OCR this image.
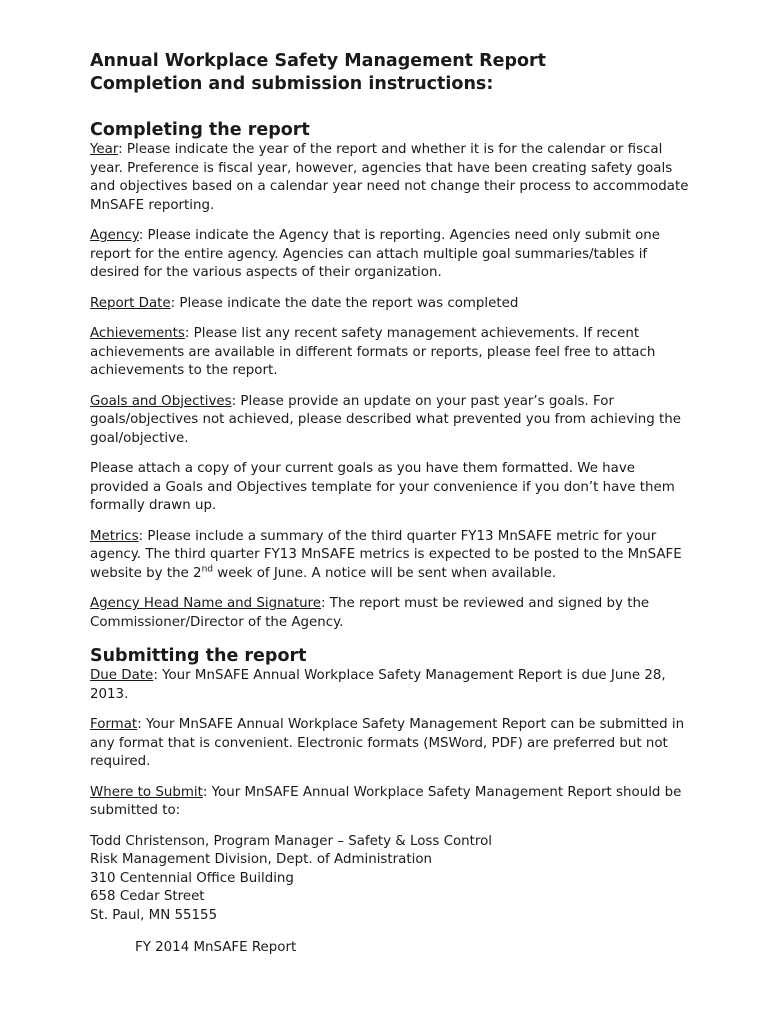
Annual Workplace Safety Management Report
Completion and submission instructions:
Completing the report

Year: Please indicate the year of the report and whether it is for the calendar or fiscal year. Preference is fiscal year, however, agencies that have been creating safety goals and objectives based on a calendar year need not change their process to accommodate MnSAFE reporting.

Agency: Please indicate the Agency that is reporting. Agencies need only submit one report for the entire agency. Agencies can attach multiple goal summaries/tables if desired for the various aspects of their organization.

Report Date: Please indicate the date the report was completed

Achievements: Please list any recent safety management achievements. If recent achievements are available in different formats or reports, please feel free to attach achievements to the report.

Goals and Objectives: Please provide an update on your past year’s goals. For goals/objectives not achieved, please described what prevented you from achieving the goal/objective.

Please attach a copy of your current goals as you have them formatted. We have provided a Goals and Objectives template for your convenience if you don’t have them formally drawn up.

Metrics: Please include a summary of the third quarter FY13 MnSAFE metric for your agency. The third quarter FY13 MnSAFE metrics is expected to be posted to the MnSAFE website by the 2nd week of June. A notice will be sent when available.

Agency Head Name and Signature: The report must be reviewed and signed by the Commissioner/Director of the Agency.

Submitting the report

Due Date: Your MnSAFE Annual Workplace Safety Management Report is due June 28, 2013.

Format: Your MnSAFE Annual Workplace Safety Management Report can be submitted in any format that is convenient. Electronic formats (MSWord, PDF) are preferred but not required.

Where to Submit: Your MnSAFE Annual Workplace Safety Management Report should be submitted to:

Todd Christenson, Program Manager – Safety & Loss Control

Risk Management Division, Dept. of Administration

310 Centennial Office Building

658 Cedar Street

St. Paul, MN 55155

FY 2014 MnSAFE Report
